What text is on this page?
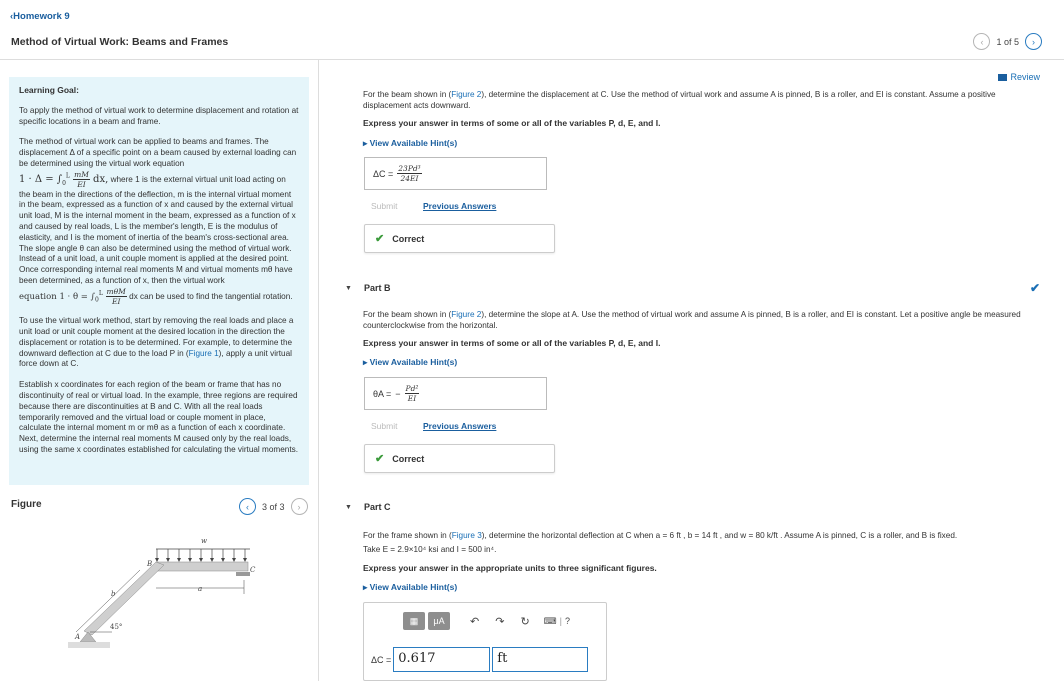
‹Homework 9
Method of Virtual Work: Beams and Frames	‹ 1 of 5 ›
Learning Goal:

To apply the method of virtual work to determine displacement and rotation at specific locations in a beam and frame.

The method of virtual work can be applied to beams and frames. The displacement Δ of a specific point on a beam caused by external loading can be determined using the virtual work equation
$1 \cdot \Delta = \int_0^L \frac{mM}{EI}$ dx, where 1 is the external virtual unit load acting on the beam in the directions of the deflection, m is the internal virtual moment in the beam, expressed as a function of x and caused by the external virtual unit load, M is the internal moment in the beam, expressed as a function of x and caused by real loads, L is the member's length, E is the modulus of elasticity, and I is the moment of inertia of the beam's cross-sectional area. The slope angle θ can also be determined using the method of virtual work. Instead of a unit load, a unit couple moment is applied at the desired point. Once corresponding internal real moments M and virtual moments mθ have been determined, as a function of x, then the virtual work
equation $1 \cdot \theta = \int_0^L \frac{\text{mθM}}{EI}$ dx can be used to find the tangential rotation.

To use the virtual work method, start by removing the real loads and place a unit load or unit couple moment at the desired location in the direction the displacement or rotation is to be determined. For example, to determine the downward deflection at C due to the load P in (Figure 1), apply a unit virtual force down at C.

Establish x coordinates for each region of the beam or frame that has no discontinuity of real or virtual load. In the example, three regions are required because there are discontinuities at B and C. With all the real loads temporarily removed and the virtual load or couple moment in place, calculate the internal moment m or mθ as a function of each x coordinate. Next, determine the internal real moments M caused only by the real loads, using the same x coordinates established for calculating the virtual moments.

Figure	‹ 3 of 3 ›
w
B
C
a
b
A
45°
Review
For the beam shown in (Figure 2), determine the displacement at C. Use the method of virtual work and assume A is pinned, B is a roller, and EI is constant. Assume a positive displacement acts downward.
Express your answer in terms of some or all of the variables P, d, E, and I.
▸ View Available Hint(s)
$\Delta C = \frac{\text{23Pd³}}{24EI}$
Submit	Previous Answers
✔ Correct
▼ Part B	✔
For the beam shown in (Figure 2), determine the slope at A. Use the method of virtual work and assume A is pinned, B is a roller, and EI is constant. Let a positive angle be measured counterclockwise from the horizontal.
Express your answer in terms of some or all of the variables P, d, E, and I.
▸ View Available Hint(s)
θA = − $\frac{\text{Pd²}}{EI}$
Submit	Previous Answers
✔ Correct
▼ Part C
For the frame shown in (Figure 3), determine the horizontal deflection at C when a = 6 ft , b = 14 ft , and w = 80 k/ft . Assume A is pinned, C is a roller, and B is fixed.
Take E = 2.9×10⁴ ksi and I = 500 in⁴.
Express your answer in the appropriate units to three significant figures.
▸ View Available Hint(s)
▦ μA ↶ ↷ ↻ ⌨ | ?
ΔC = 0.617	ft
